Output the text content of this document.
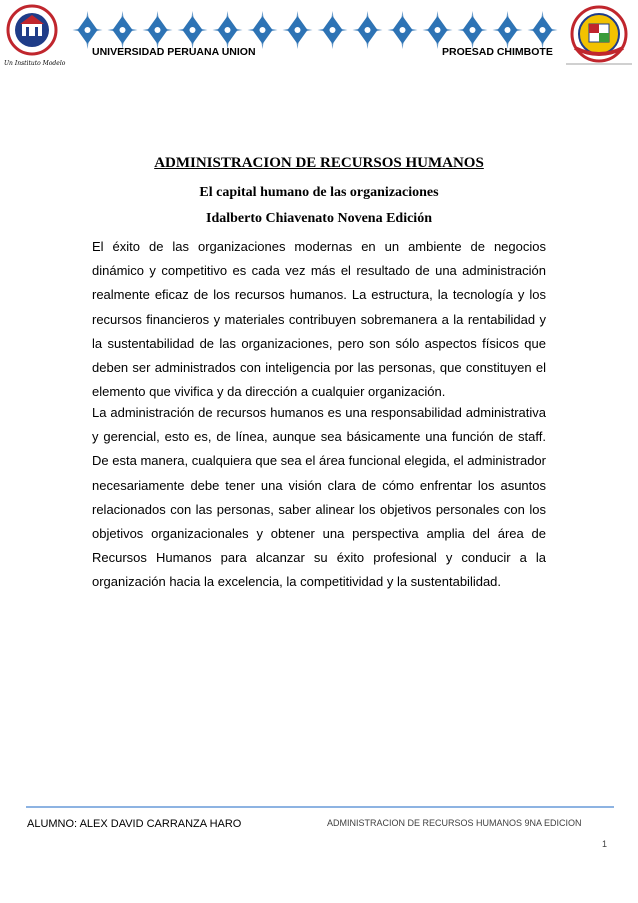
Un Instituto Modelo
UNIVERSIDAD PERUANA UNION	PROESAD CHIMBOTE
ADMINISTRACION DE RECURSOS HUMANOS
El capital humano de las organizaciones
Idalberto Chiavenato Novena Edición
El éxito de las organizaciones modernas en un ambiente de negocios dinámico y competitivo es cada vez más el resultado de una administración realmente eficaz de los recursos humanos. La estructura, la tecnología y los recursos financieros y materiales contribuyen sobremanera a la rentabilidad y la sustentabilidad de las organizaciones, pero son sólo aspectos físicos que deben ser administrados con inteligencia por las personas, que constituyen el elemento que vivifica y da dirección a cualquier organización.
La administración de recursos humanos es una responsabilidad administrativa y gerencial, esto es, de línea, aunque sea básicamente una función de staff. De esta manera, cualquiera que sea el área funcional elegida, el administrador necesariamente debe tener una visión clara de cómo enfrentar los asuntos relacionados con las personas, saber alinear los objetivos personales con los objetivos organizacionales y obtener una perspectiva amplia del área de Recursos Humanos para alcanzar su éxito profesional y conducir a la organización hacia la excelencia, la competitividad y la sustentabilidad.
ALUMNO: ALEX DAVID CARRANZA HARO	ADMINISTRACION DE RECURSOS HUMANOS 9NA EDICION
1
